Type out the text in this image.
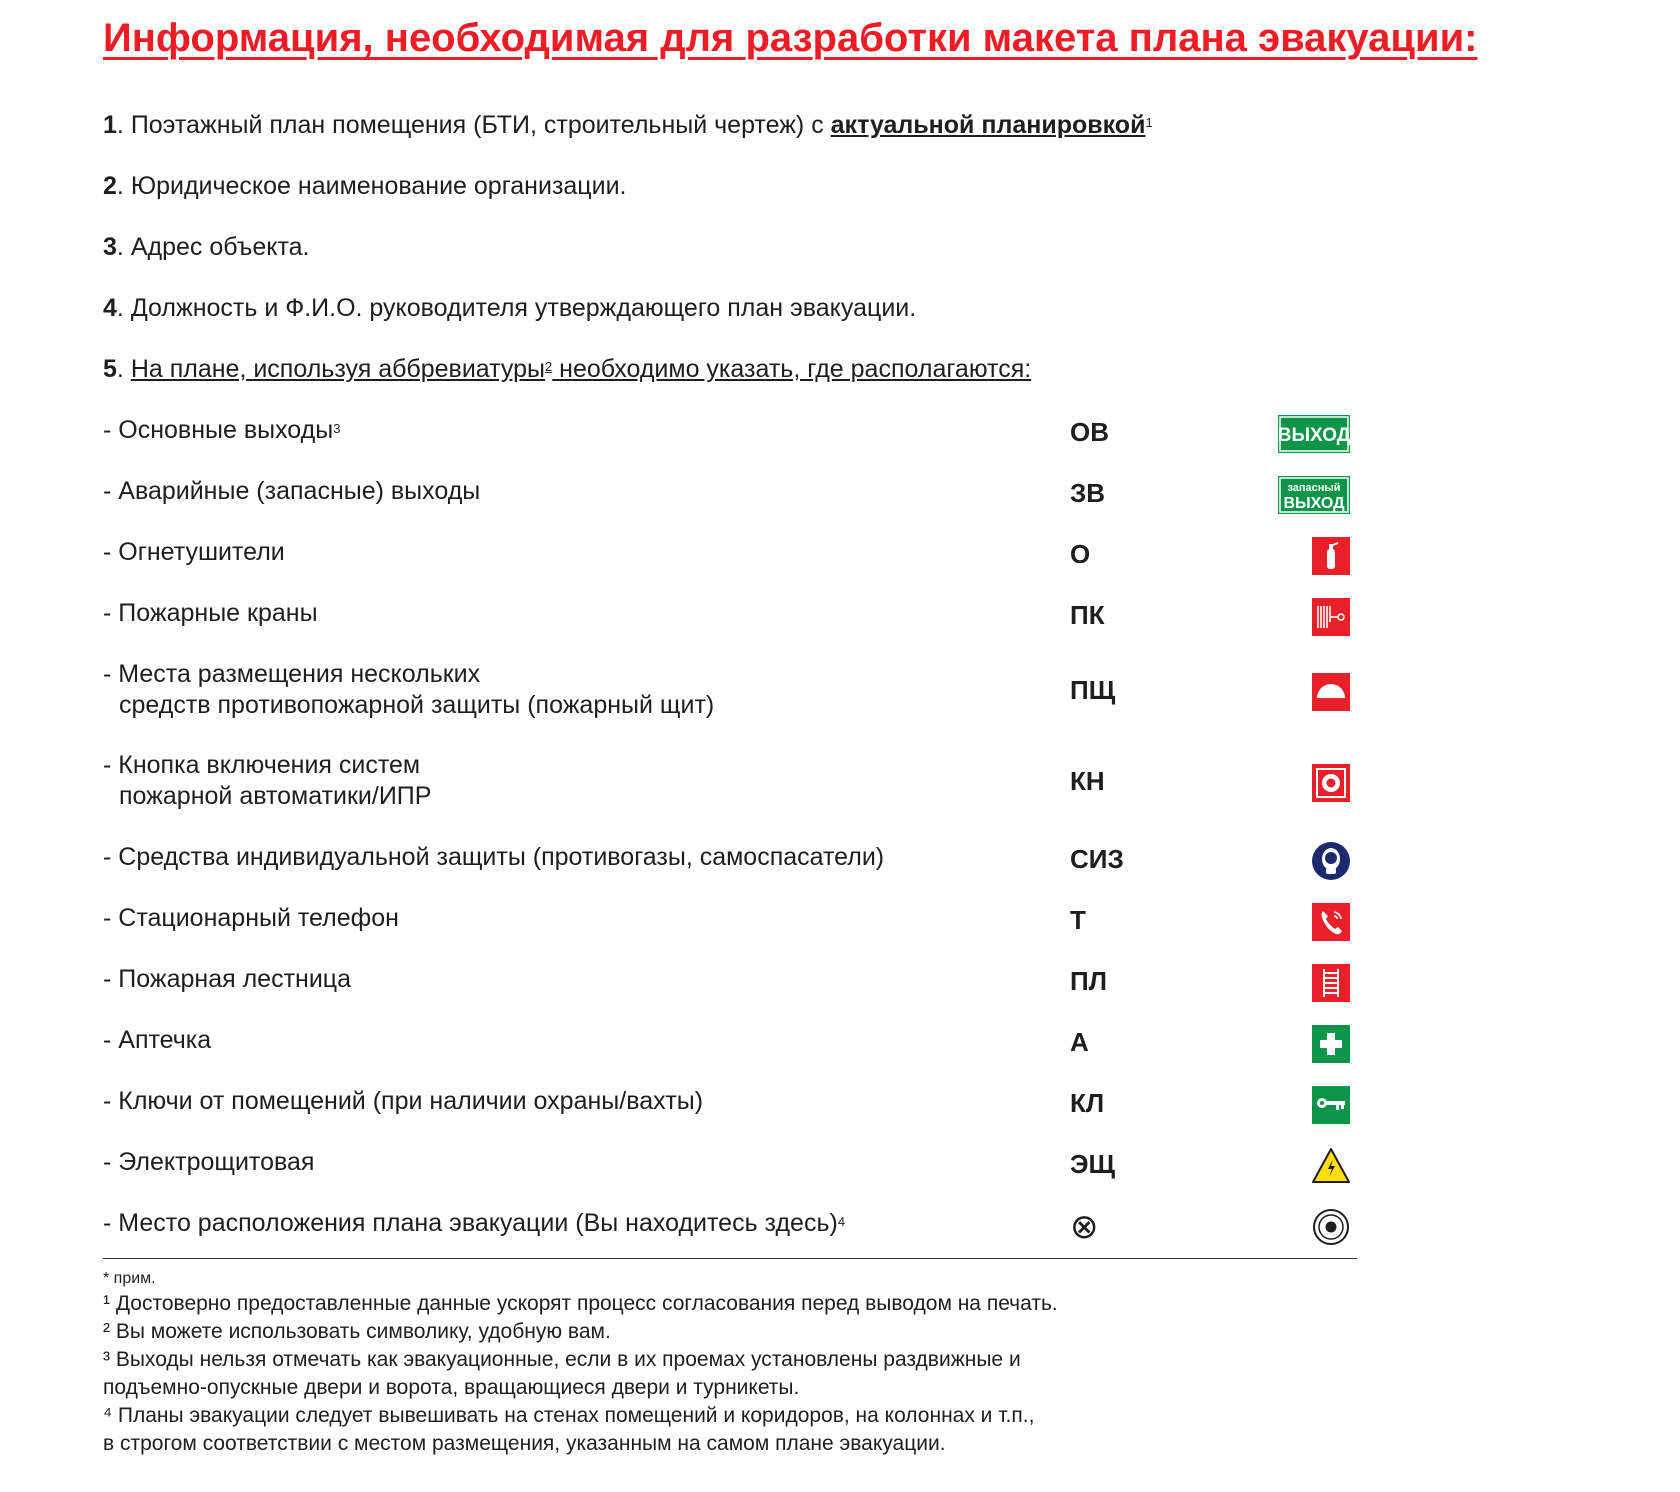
Информация, необходимая для разработки макета плана эвакуации:
1. Поэтажный план помещения (БТИ, строительный чертеж) с актуальной планировкой$^1$
2. Юридическое наименование организации.
3. Адрес объекта.
4. Должность и Ф.И.О. руководителя утверждающего план эвакуации.
5. На плане, используя аббревиатуры$^2$ необходимо указать, где располагаются:
- Основные выходы$^3$	ОВ	ВЫХОД
- Аварийные (запасные) выходы	ЗВ	запасный
ВЫХОД
- Огнетушители	О
- Пожарные краны	ПК
- Места размещения нескольких
средств противопожарной защиты (пожарный щит)	ПЩ
- Кнопка включения систем
пожарной автоматики/ИПР	КН
- Средства индивидуальной защиты (противогазы, самоспасатели)	СИЗ
- Стационарный телефон	Т
- Пожарная лестница	ПЛ
- Аптечка	А
- Ключи от помещений (при наличии охраны/вахты)	КЛ
- Электрощитовая	ЭЩ
- Место расположения плана эвакуации (Вы находитесь здесь)$^4$	⊗
* прим.
¹ Достоверно предоставленные данные ускорят процесс согласования перед выводом на печать.
² Вы можете использовать символику, удобную вам.
³ Выходы нельзя отмечать как эвакуационные, если в их проемах установлены раздвижные и
подъемно-опускные двери и ворота, вращающиеся двери и турникеты.
⁴ Планы эвакуации следует вывешивать на стенах помещений и коридоров, на колоннах и т.п.,
в строгом соответствии с местом размещения, указанным на самом плане эвакуации.
